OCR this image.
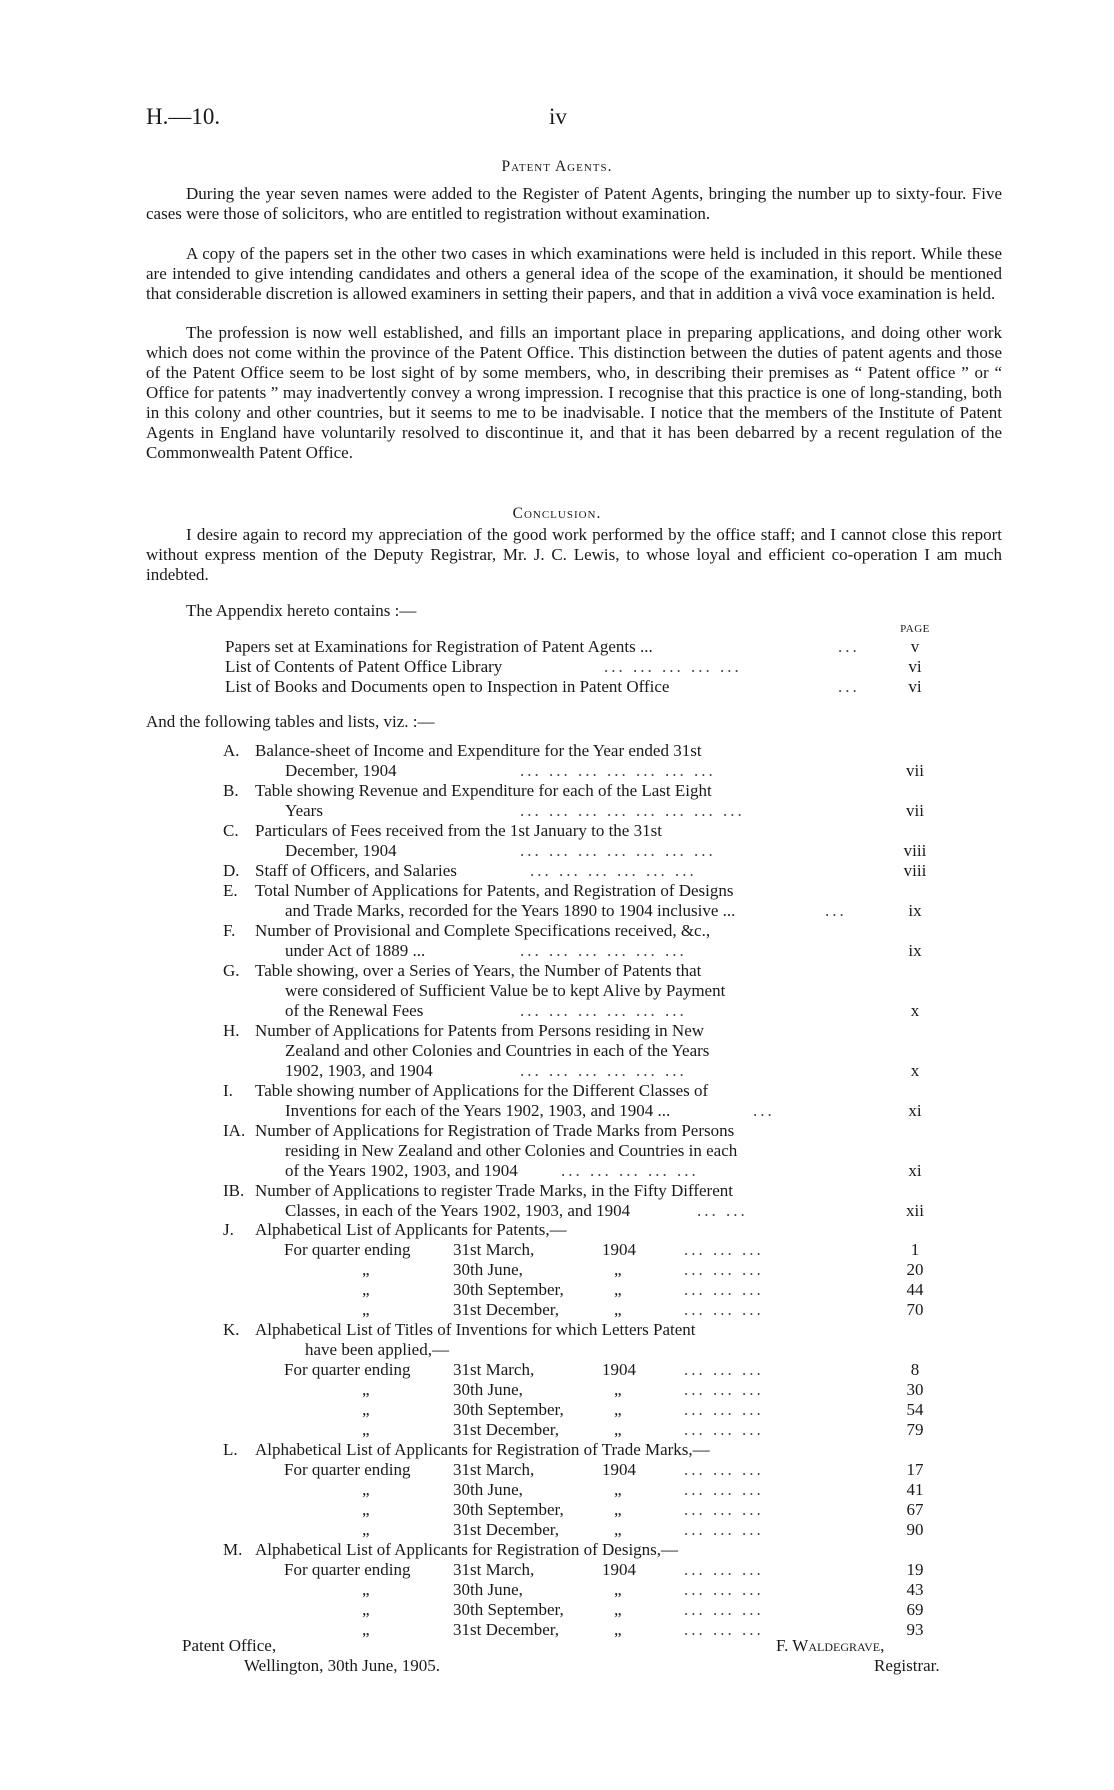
H.—10.	iv
Patent Agents.
During the year seven names were added to the Register of Patent Agents, bringing the number up to sixty-four. Five cases were those of solicitors, who are entitled to registration without examination.
A copy of the papers set in the other two cases in which examinations were held is included in this report. While these are intended to give intending candidates and others a general idea of the scope of the examination, it should be mentioned that considerable discretion is allowed examiners in setting their papers, and that in addition a vivâ voce examination is held.
The profession is now well established, and fills an important place in preparing applications, and doing other work which does not come within the province of the Patent Office. This distinction between the duties of patent agents and those of the Patent Office seem to be lost sight of by some members, who, in describing their premises as “ Patent office ” or “ Office for patents ” may inadvertently convey a wrong impression. I recognise that this practice is one of long-standing, both in this colony and other countries, but it seems to me to be inadvisable. I notice that the members of the Institute of Patent Agents in England have voluntarily resolved to discontinue it, and that it has been debarred by a recent regulation of the Commonwealth Patent Office.
Conclusion.
I desire again to record my appreciation of the good work performed by the office staff; and I cannot close this report without express mention of the Deputy Registrar, Mr. J. C. Lewis, to whose loyal and efficient co-operation I am much indebted.
The Appendix hereto contains :—
PAGE
Papers set at Examinations for Registration of Patent Agents ...	...	v
List of Contents of Patent Office Library	... ... ... ... ...	vi
List of Books and Documents open to Inspection in Patent Office	...	vi
And the following tables and lists, viz. :—
A. Balance-sheet of Income and Expenditure for the Year ended 31st
December, 1904	... ... ... ... ... ... ...	vii
B. Table showing Revenue and Expenditure for each of the Last Eight
Years	... ... ... ... ... ... ... ...	vii
C. Particulars of Fees received from the 1st January to the 31st
December, 1904	... ... ... ... ... ... ...	viii
D. Staff of Officers, and Salaries	... ... ... ... ... ...	viii
E. Total Number of Applications for Patents, and Registration of Designs
and Trade Marks, recorded for the Years 1890 to 1904 inclusive ...	...	ix
F. Number of Provisional and Complete Specifications received, &c.,
under Act of 1889 ...	... ... ... ... ... ...	ix
G. Table showing, over a Series of Years, the Number of Patents that
were considered of Sufficient Value be to kept Alive by Payment
of the Renewal Fees	... ... ... ... ... ...	x
H. Number of Applications for Patents from Persons residing in New
Zealand and other Colonies and Countries in each of the Years
1902, 1903, and 1904	... ... ... ... ... ...	x
I. Table showing number of Applications for the Different Classes of
Inventions for each of the Years 1902, 1903, and 1904 ...	...	xi
IA. Number of Applications for Registration of Trade Marks from Persons
residing in New Zealand and other Colonies and Countries in each
of the Years 1902, 1903, and 1904	... ... ... ... ...	xi
IB. Number of Applications to register Trade Marks, in the Fifty Different
Classes, in each of the Years 1902, 1903, and 1904	... ...	xii
J. Alphabetical List of Applicants for Patents,—
For quarter ending 31st March,	1904	... ... ...	1
„	30th June,	„	... ... ...	20
„	30th September,	„	... ... ...	44
„	31st December,	„	... ... ...	70
K. Alphabetical List of Titles of Inventions for which Letters Patent
have been applied,—
For quarter ending 31st March,	1904	... ... ...	8
„	30th June,	„	... ... ...	30
„	30th September,	„	... ... ...	54
„	31st December,	„	... ... ...	79
L. Alphabetical List of Applicants for Registration of Trade Marks,—
For quarter ending 31st March,	1904	... ... ...	17
„	30th June,	„	... ... ...	41
„	30th September,	„	... ... ...	67
„	31st December,	„	... ... ...	90
M. Alphabetical List of Applicants for Registration of Designs,—
For quarter ending 31st March,	1904	... ... ...	19
„	30th June,	„	... ... ...	43
„	30th September,	„	... ... ...	69
„	31st December,	„	... ... ...	93
Patent Office,
Wellington, 30th June, 1905.
F. Waldegrave,
Registrar.
